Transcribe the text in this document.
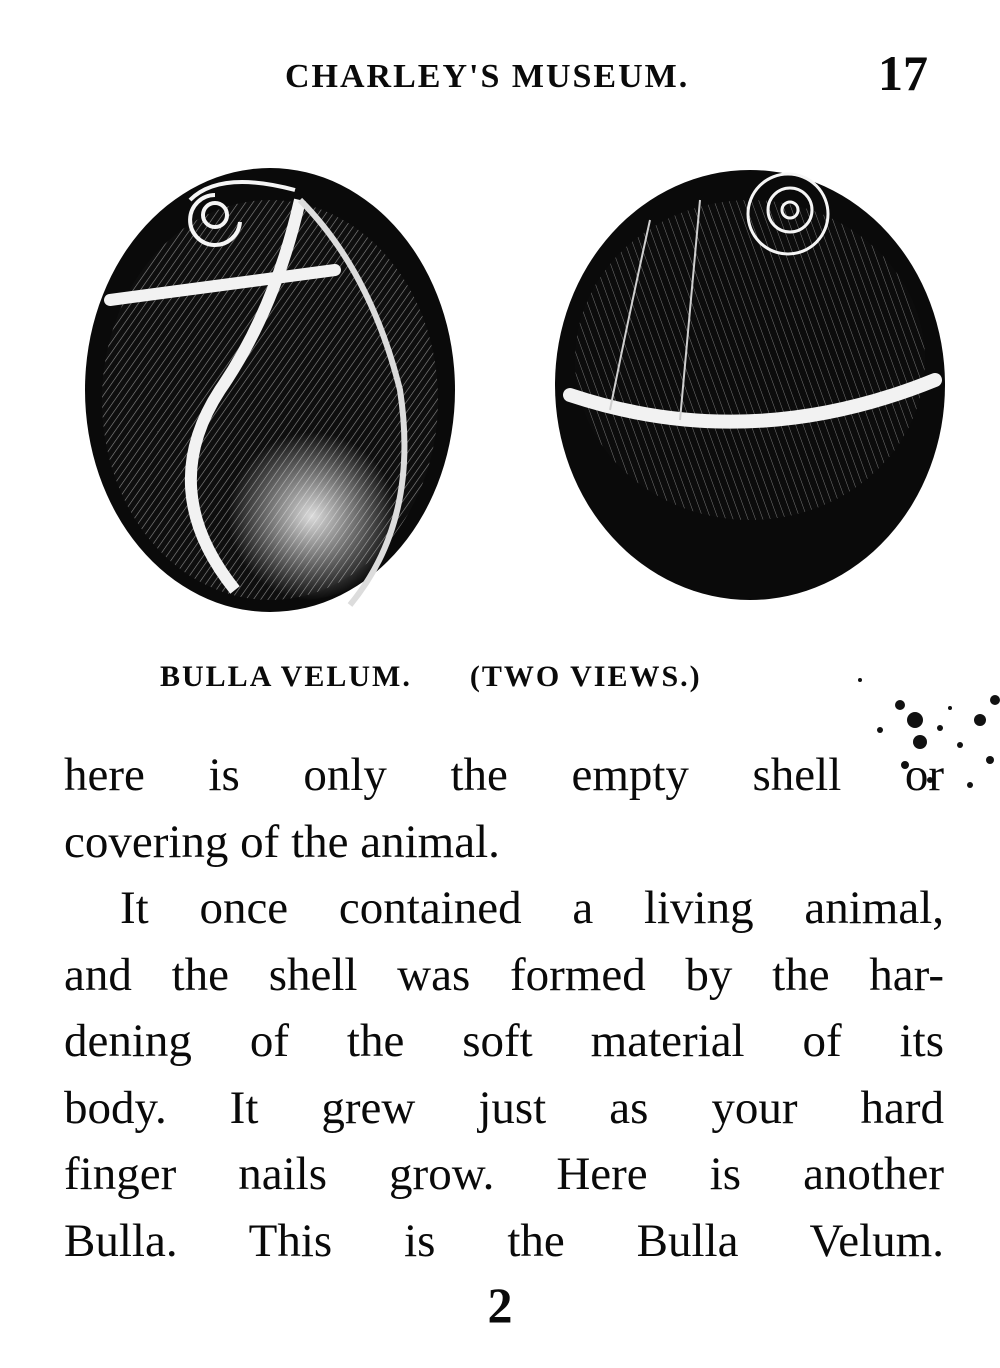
CHARLEY'S MUSEUM.	17
BULLA VELUM. (TWO VIEWS.)
here is only the empty shell or
covering of the animal.
It once contained a living animal,
and the shell was formed by the har-
dening of the soft material of its
body. It grew just as your hard
finger nails grow. Here is another
Bulla. This is the Bulla Velum.
2
